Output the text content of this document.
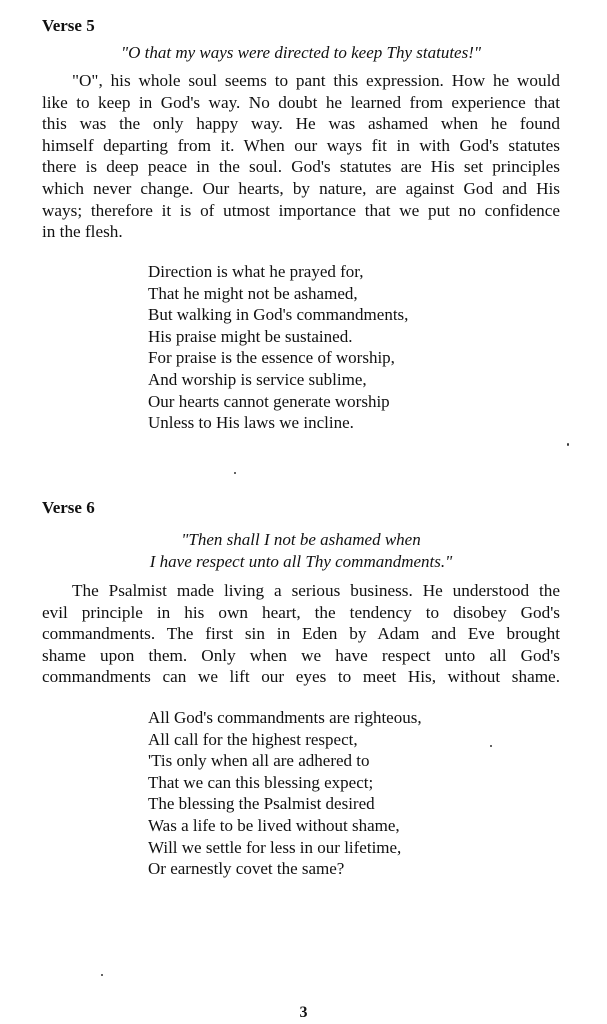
Verse 5
"O that my ways were directed to keep Thy statutes!"
"O", his whole soul seems to pant this expression. How he would
like to keep in God's way. No doubt he learned from experience that
this was the only happy way. He was ashamed when he found
himself departing from it. When our ways fit in with God's statutes
there is deep peace in the soul. God's statutes are His set principles
which never change. Our hearts, by nature, are against God and His
ways; therefore it is of utmost importance that we put no confidence
in the flesh.
Direction is what he prayed for,
That he might not be ashamed,
But walking in God's commandments,
His praise might be sustained.
For praise is the essence of worship,
And worship is service sublime,
Our hearts cannot generate worship
Unless to His laws we incline.
Verse 6
"Then shall I not be ashamed when
I have respect unto all Thy commandments."
The Psalmist made living a serious business. He understood the
evil principle in his own heart, the tendency to disobey God's
commandments. The first sin in Eden by Adam and Eve brought
shame upon them. Only when we have respect unto all God's
commandments can we lift our eyes to meet His, without shame.
All God's commandments are righteous,
All call for the highest respect,
'Tis only when all are adhered to
That we can this blessing expect;
The blessing the Psalmist desired
Was a life to be lived without shame,
Will we settle for less in our lifetime,
Or earnestly covet the same?
3
